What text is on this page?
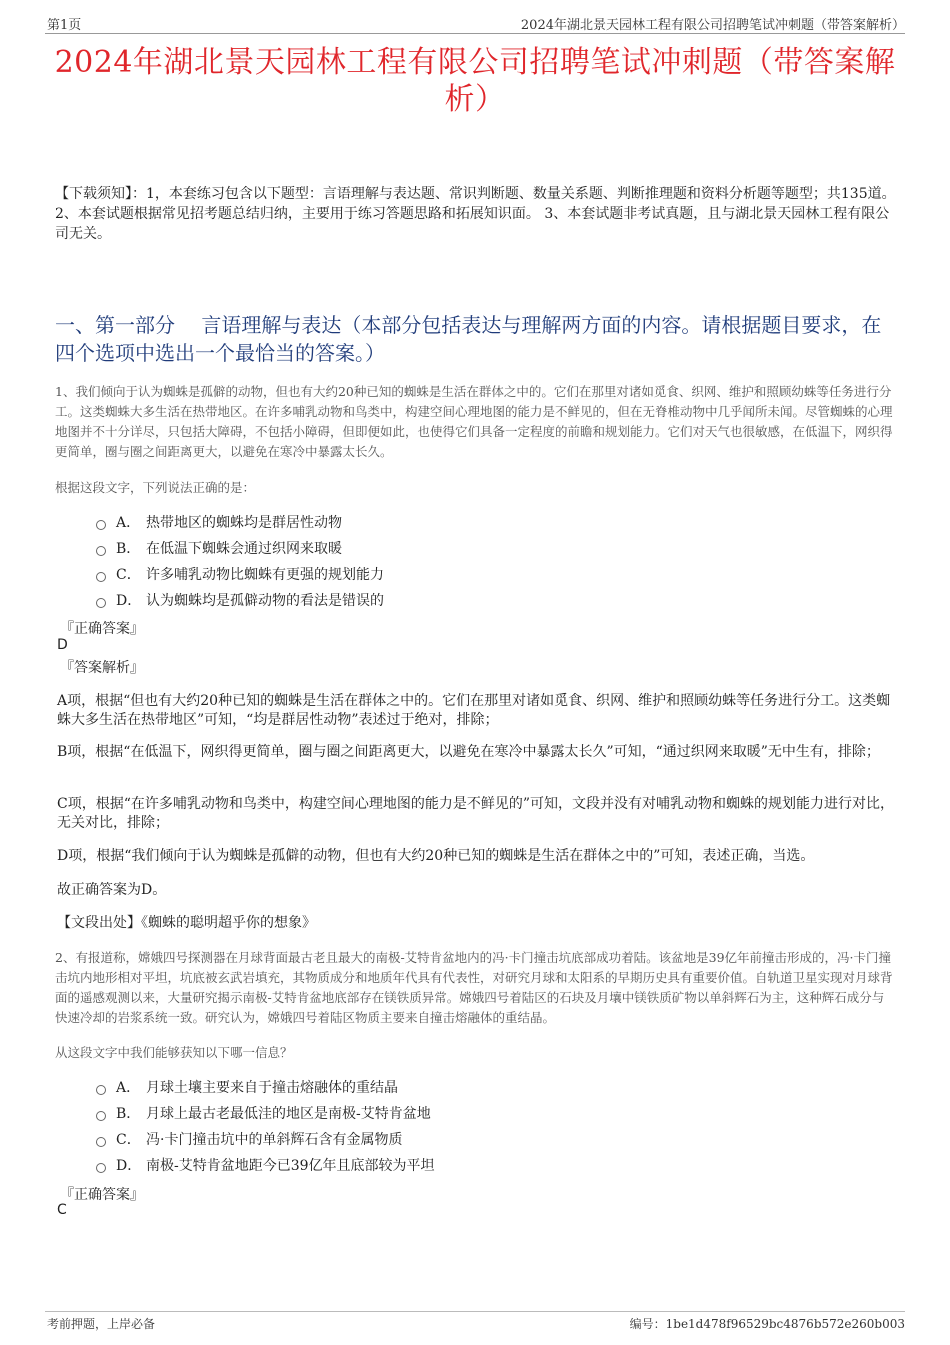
第1页	2024年湖北景天园林工程有限公司招聘笔试冲刺题（带答案解析）
2024年湖北景天园林工程有限公司招聘笔试冲刺题（带答案解析）
【下载须知】：1，本套练习包含以下题型：言语理解与表达题、常识判断题、数量关系题、判断推理题和资料分析题等题型；共135道。 2、本套试题根据常见招考题总结归纳，主要用于练习答题思路和拓展知识面。 3、本套试题非考试真题，且与湖北景天园林工程有限公司无关。
一、第一部分　 言语理解与表达（本部分包括表达与理解两方面的内容。请根据题目要求，在四个选项中选出一个最恰当的答案。）
1、我们倾向于认为蜘蛛是孤僻的动物，但也有大约20种已知的蜘蛛是生活在群体之中的。它们在那里对诸如觅食、织网、维护和照顾幼蛛等任务进行分工。这类蜘蛛大多生活在热带地区。在许多哺乳动物和鸟类中，构建空间心理地图的能力是不鲜见的，但在无脊椎动物中几乎闻所未闻。尽管蜘蛛的心理地图并不十分详尽，只包括大障碍，不包括小障碍，但即便如此，也使得它们具备一定程度的前瞻和规划能力。它们对天气也很敏感，在低温下，网织得更简单，圈与圈之间距离更大，以避免在寒冷中暴露太长久。
根据这段文字，下列说法正确的是：
A． 热带地区的蜘蛛均是群居性动物
B． 在低温下蜘蛛会通过织网来取暖
C． 许多哺乳动物比蜘蛛有更强的规划能力
D． 认为蜘蛛均是孤僻动物的看法是错误的
『正确答案』
D
『答案解析』
A项，根据“但也有大约20种已知的蜘蛛是生活在群体之中的。它们在那里对诸如觅食、织网、维护和照顾幼蛛等任务进行分工。这类蜘蛛大多生活在热带地区”可知，“均是群居性动物”表述过于绝对，排除；
B项，根据“在低温下，网织得更简单，圈与圈之间距离更大，以避免在寒冷中暴露太长久”可知，“通过织网来取暖”无中生有，排除；
C项，根据“在许多哺乳动物和鸟类中，构建空间心理地图的能力是不鲜见的”可知，文段并没有对哺乳动物和蜘蛛的规划能力进行对比，无关对比，排除；
D项，根据“我们倾向于认为蜘蛛是孤僻的动物，但也有大约20种已知的蜘蛛是生活在群体之中的”可知，表述正确，当选。
故正确答案为D。
【文段出处】《蜘蛛的聪明超乎你的想象》
2、有报道称，嫦娥四号探测器在月球背面最古老且最大的南极-艾特肯盆地内的冯·卡门撞击坑底部成功着陆。该盆地是39亿年前撞击形成的，冯·卡门撞击坑内地形相对平坦，坑底被玄武岩填充，其物质成分和地质年代具有代表性，对研究月球和太阳系的早期历史具有重要价值。自轨道卫星实现对月球背面的遥感观测以来，大量研究揭示南极-艾特肯盆地底部存在镁铁质异常。嫦娥四号着陆区的石块及月壤中镁铁质矿物以单斜辉石为主，这种辉石成分与快速冷却的岩浆系统一致。研究认为，嫦娥四号着陆区物质主要来自撞击熔融体的重结晶。
从这段文字中我们能够获知以下哪一信息？
A． 月球土壤主要来自于撞击熔融体的重结晶
B． 月球上最古老最低洼的地区是南极-艾特肯盆地
C． 冯·卡门撞击坑中的单斜辉石含有金属物质
D． 南极-艾特肯盆地距今已39亿年且底部较为平坦
『正确答案』
C
考前押题，上岸必备	编号：1be1d478f96529bc4876b572e260b003
